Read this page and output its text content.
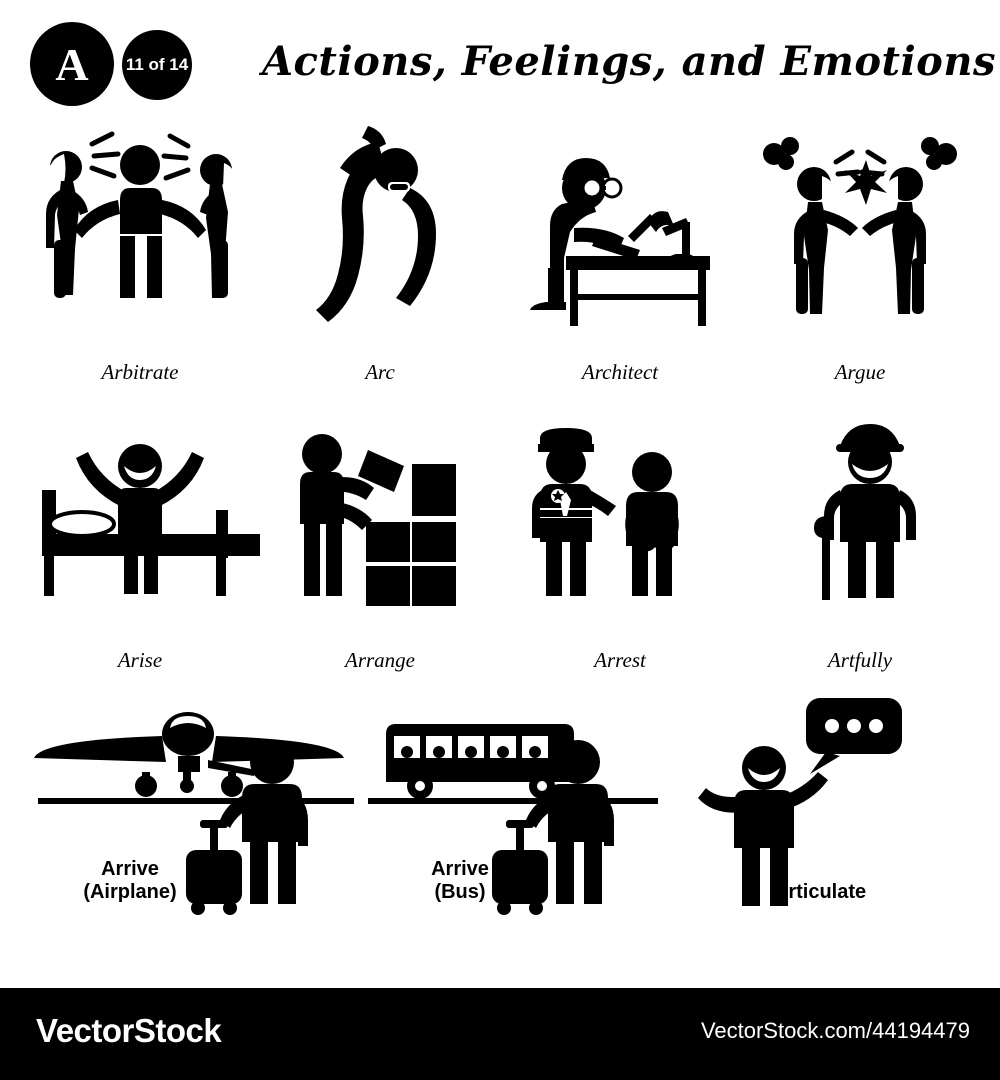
A 11 of 14 Actions, Feelings, and Emotions
Arbitrate	Arc	Architect	Argue
Arise	Arrange	Arrest	Artfully
Arrive
(Airplane)
Arrive
(Bus)	Articulate
VectorStock	VectorStock.com/44194479
